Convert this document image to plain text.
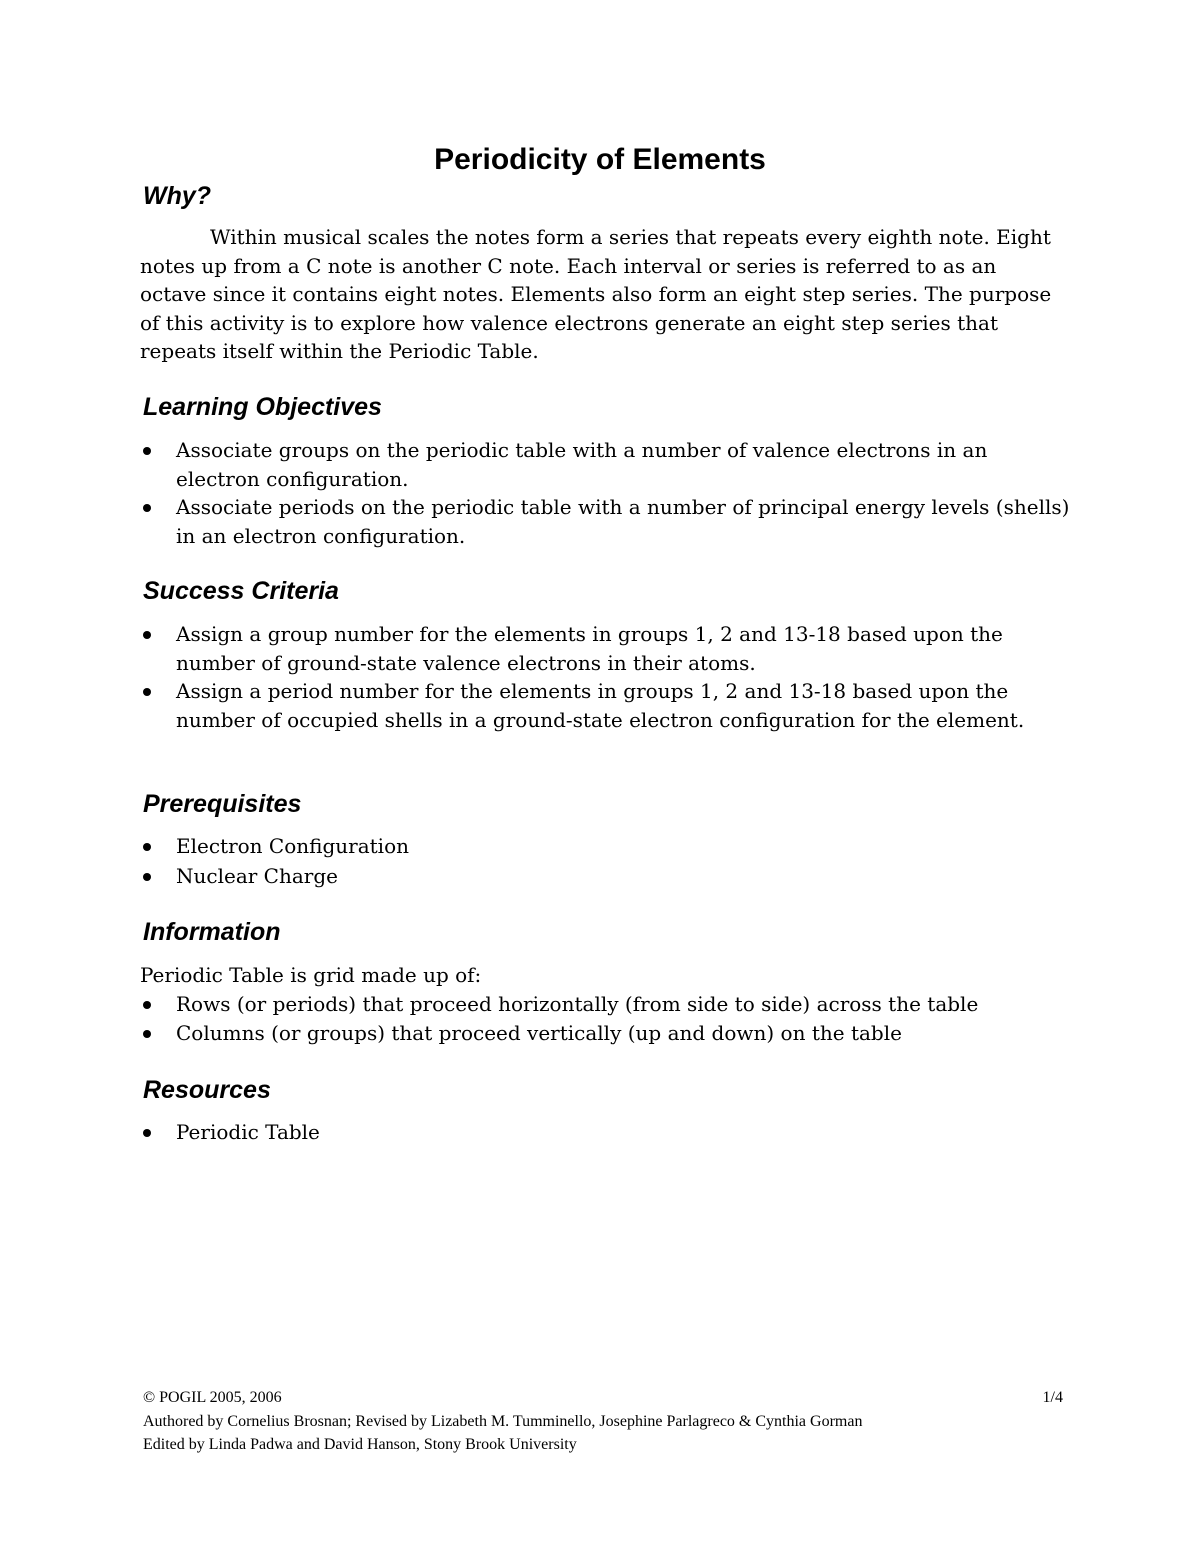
Periodicity of Elements
Why?

Within musical scales the notes form a series that repeats every eighth note. Eight notes up from a C note is another C note. Each interval or series is referred to as an octave since it contains eight notes. Elements also form an eight step series. The purpose of this activity is to explore how valence electrons generate an eight step series that repeats itself within the Periodic Table.

Learning Objectives
Associate groups on the periodic table with a number of valence electrons in an electron configuration.
Associate periods on the periodic table with a number of principal energy levels (shells) in an electron configuration.
Success Criteria
Assign a group number for the elements in groups 1, 2 and 13-18 based upon the number of ground-state valence electrons in their atoms.
Assign a period number for the elements in groups 1, 2 and 13-18 based upon the number of occupied shells in a ground-state electron configuration for the element.
Prerequisites
Electron Configuration
Nuclear Charge
Information
Periodic Table is grid made up of:
Rows (or periods) that proceed horizontally (from side to side) across the table
Columns (or groups) that proceed vertically (up and down) on the table
Resources
Periodic Table
© POGIL 2005, 2006	1/4
Authored by Cornelius Brosnan; Revised by Lizabeth M. Tumminello, Josephine Parlagreco & Cynthia Gorman
Edited by Linda Padwa and David Hanson, Stony Brook University
